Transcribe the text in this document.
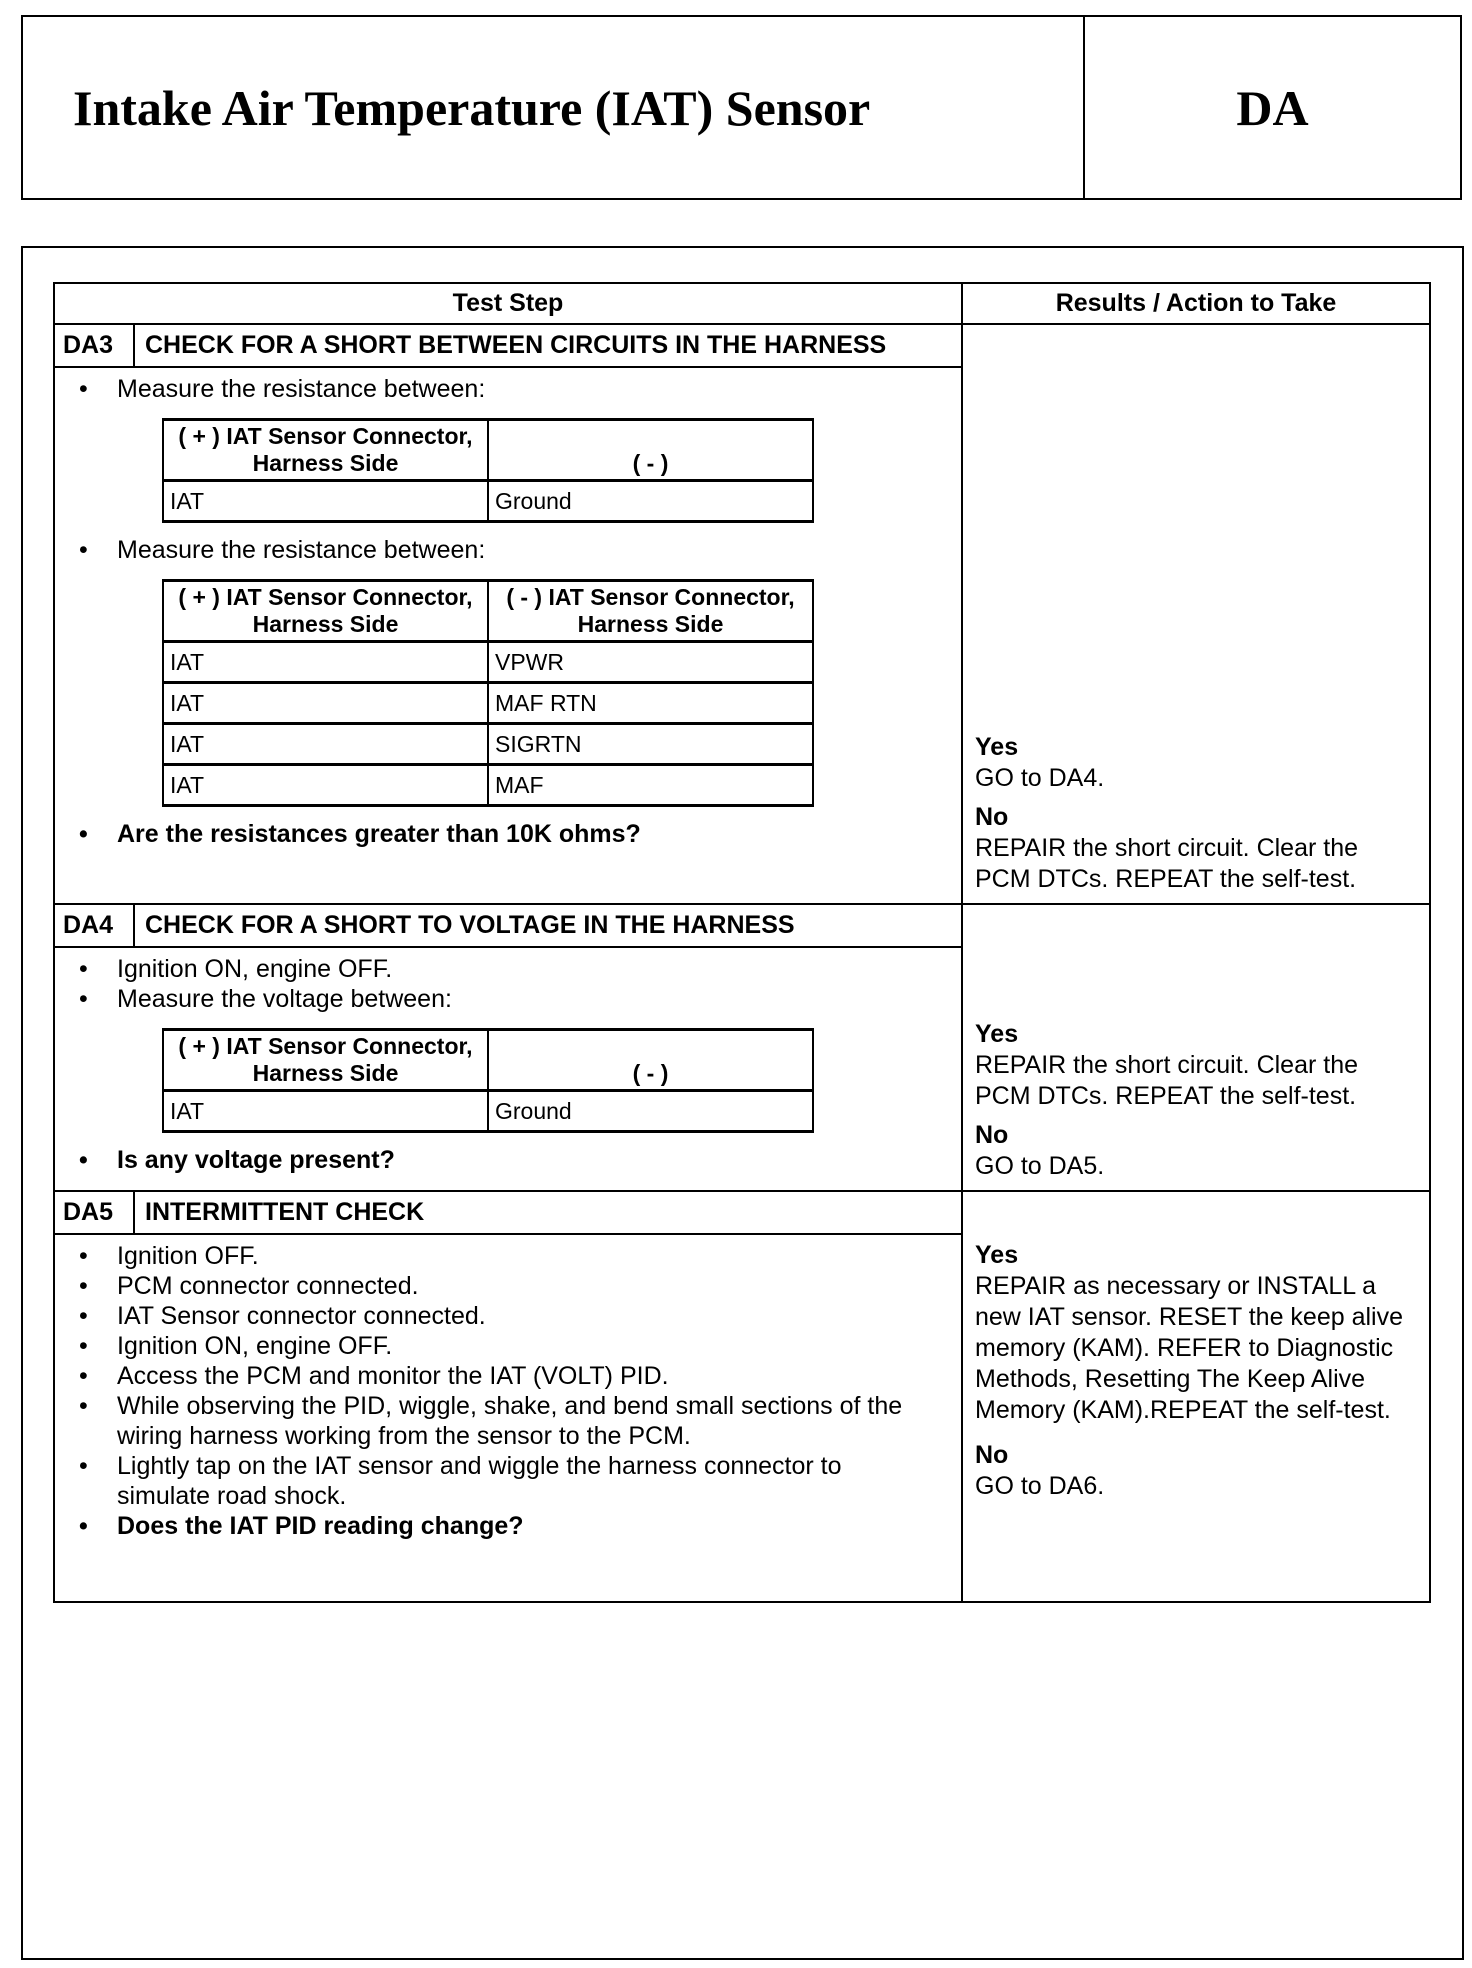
Intake Air Temperature (IAT) Sensor	DA
Test Step	Results / Action to Take

DA3	CHECK FOR A SHORT BETWEEN CIRCUITS IN THE HARNESS
• Measure the resistance between:
( + ) IAT Sensor Connector, Harness Side	( - )
IAT	Ground
• Measure the resistance between:
( + ) IAT Sensor Connector, Harness Side	( - ) IAT Sensor Connector, Harness Side
IAT	VPWR
IAT	MAF RTN
IAT	SIGRTN
IAT	MAF
• Are the resistances greater than 10K ohms?

Yes

GO to DA4.

No

REPAIR the short circuit. Clear the PCM DTCs. REPEAT the self-test.

DA4	CHECK FOR A SHORT TO VOLTAGE IN THE HARNESS
• Ignition ON, engine OFF.
• Measure the voltage between:
( + ) IAT Sensor Connector, Harness Side	( - )
IAT	Ground
• Is any voltage present?

Yes

REPAIR the short circuit. Clear the PCM DTCs. REPEAT the self-test.

No

GO to DA5.

DA5	INTERMITTENT CHECK
• Ignition OFF.
• PCM connector connected.
• IAT Sensor connector connected.
• Ignition ON, engine OFF.
• Access the PCM and monitor the IAT (VOLT) PID.
• While observing the PID, wiggle, shake, and bend small sections of the wiring harness working from the sensor to the PCM.
• Lightly tap on the IAT sensor and wiggle the harness connector to simulate road shock.
• Does the IAT PID reading change?

Yes

REPAIR as necessary or INSTALL a new IAT sensor. RESET the keep alive memory (KAM). REFER to Diagnostic Methods, Resetting The Keep Alive Memory (KAM).REPEAT the self-test.

No

GO to DA6.
